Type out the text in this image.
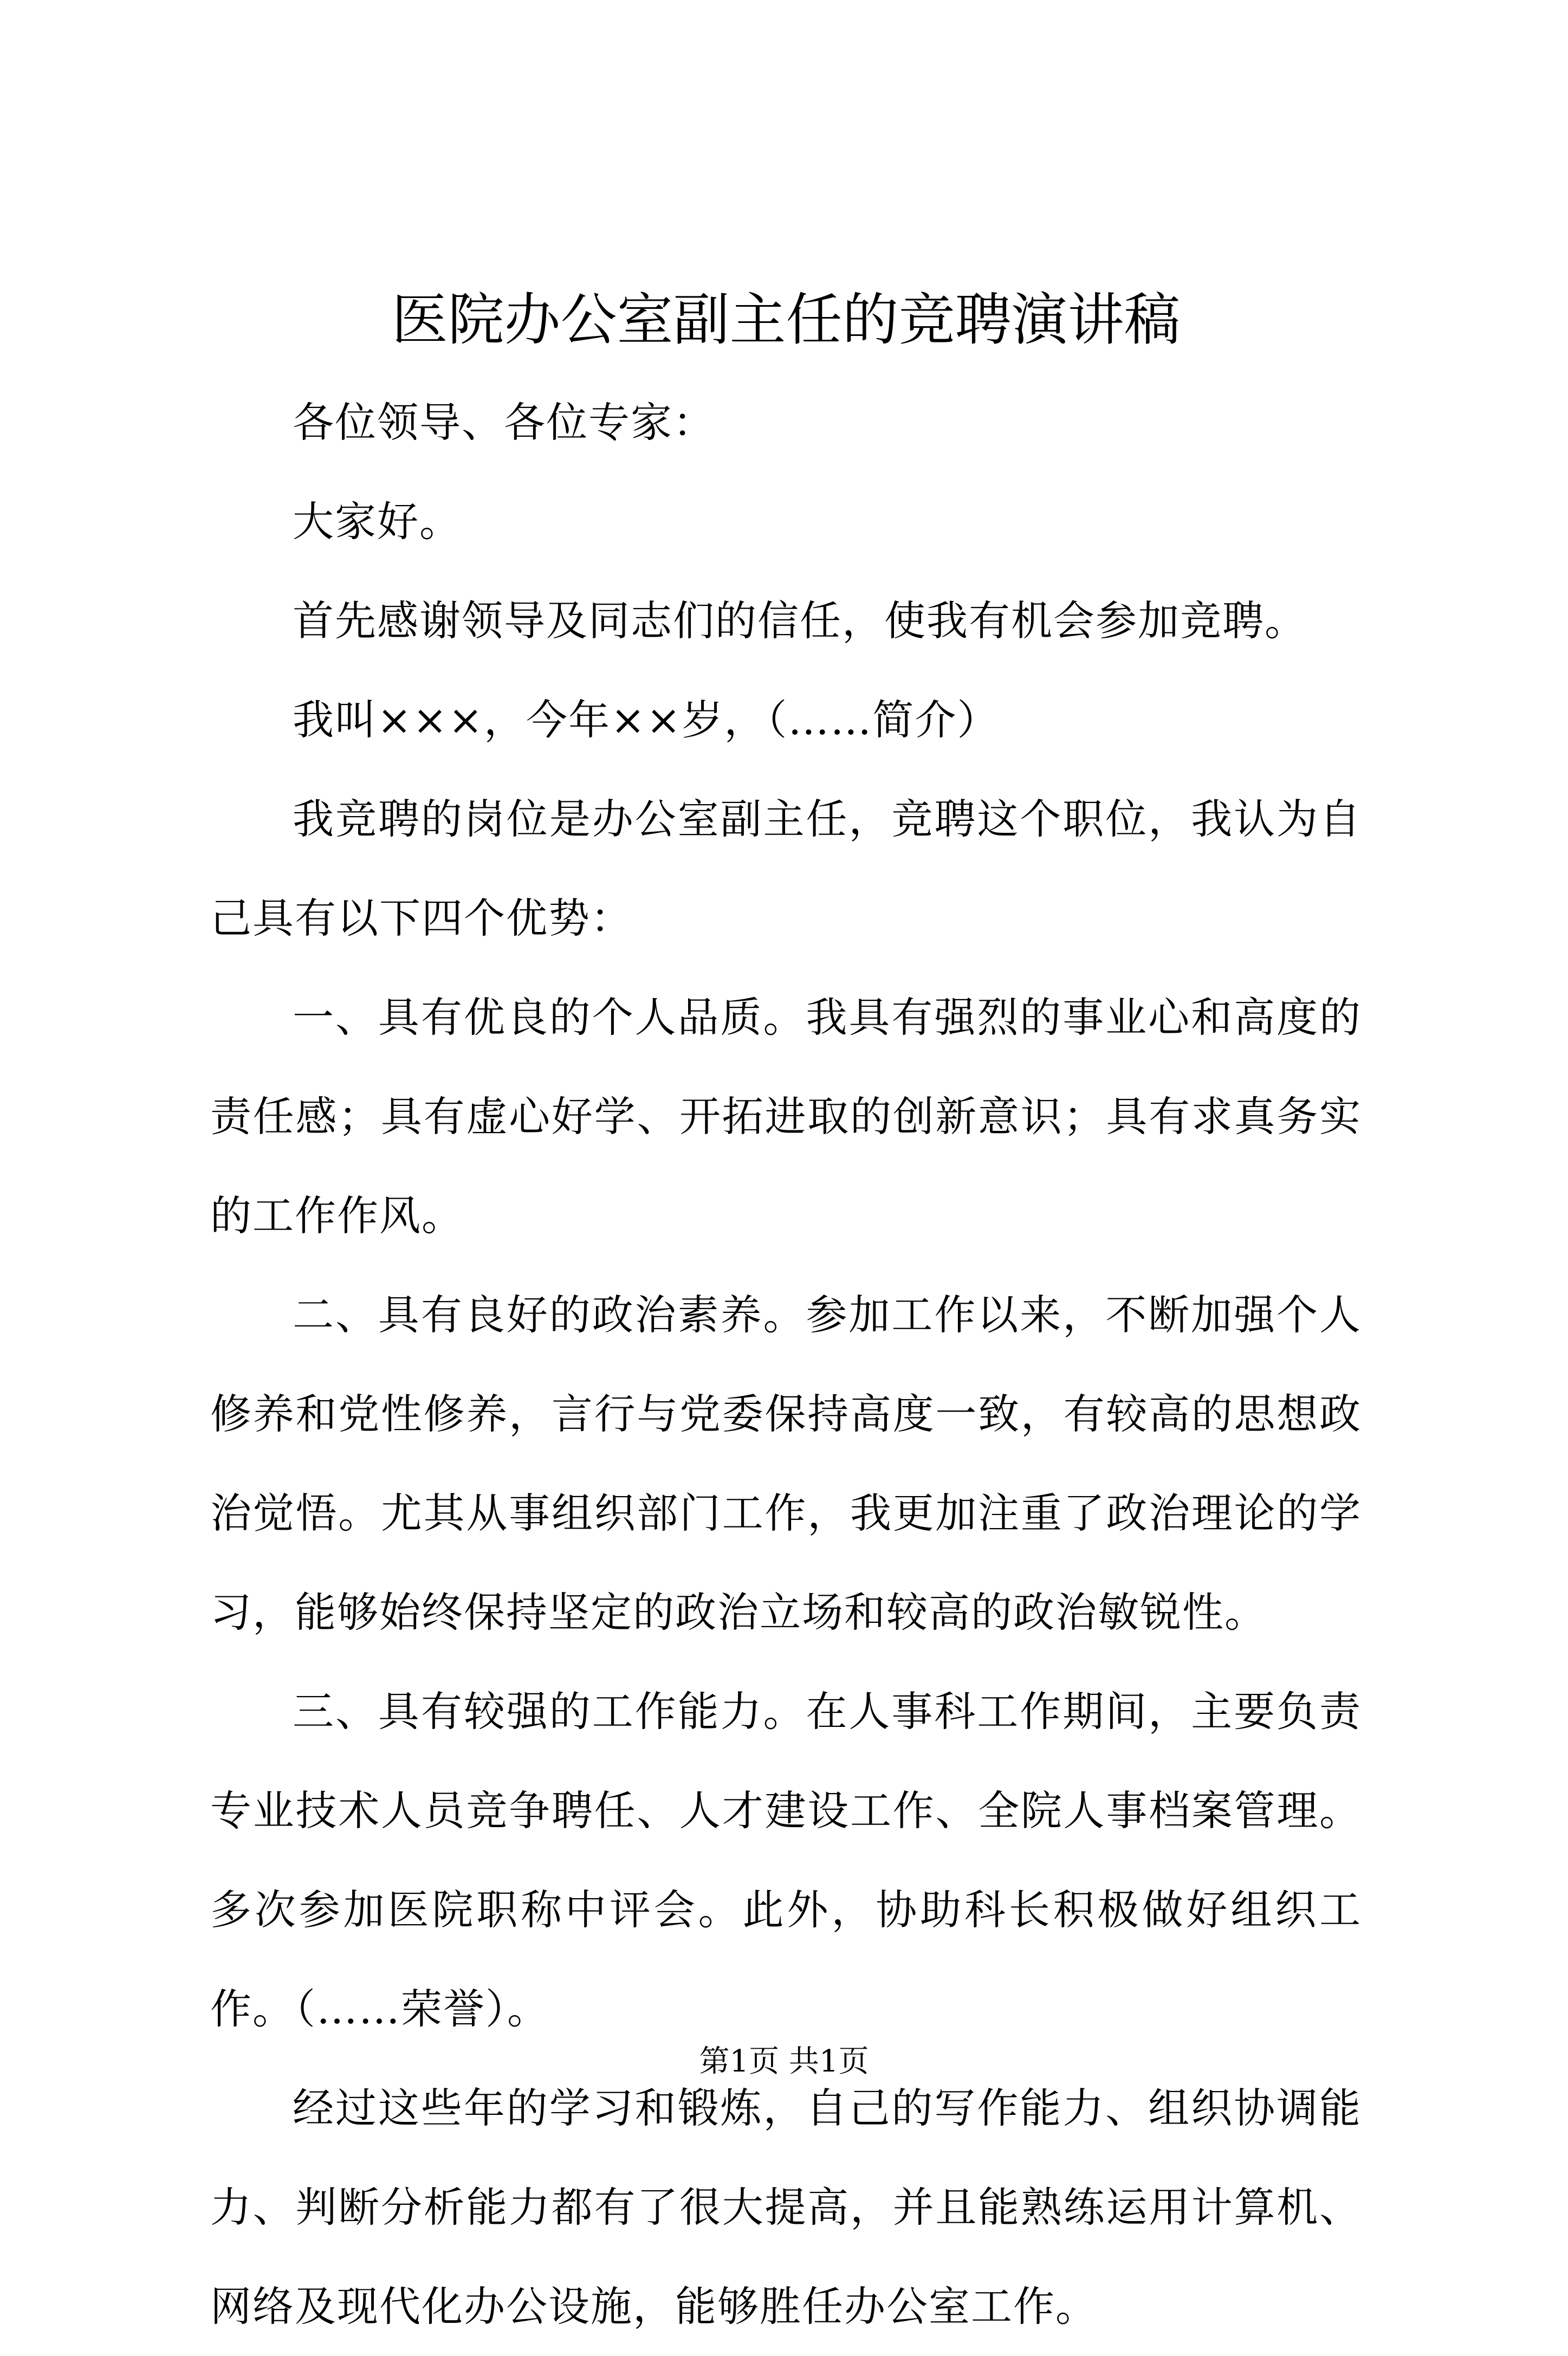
医院办公室副主任的竞聘演讲稿

各位领导、各位专家：

大家好。

首先感谢领导及同志们的信任，使我有机会参加竞聘。

我叫×××，今年××岁，（……简介）

我竞聘的岗位是办公室副主任，竞聘这个职位，我认为自己具有以下四个优势：

一、具有优良的个人品质。我具有强烈的事业心和高度的责任感；具有虚心好学、开拓进取的创新意识；具有求真务实的工作作风。

二、具有良好的政治素养。参加工作以来，不断加强个人修养和党性修养，言行与党委保持高度一致，有较高的思想政治觉悟。尤其从事组织部门工作，我更加注重了政治理论的学习，能够始终保持坚定的政治立场和较高的政治敏锐性。

三、具有较强的工作能力。在人事科工作期间，主要负责专业技术人员竞争聘任、人才建设工作、全院人事档案管理。多次参加医院职称中评会。此外，协助科长积极做好组织工作。（……荣誉）。

经过这些年的学习和锻炼，自己的写作能力、组织协调能力、判断分析能力都有了很大提高，并且能熟练运用计算机、网络及现代化办公设施，能够胜任办公室工作。

第1页 共1页
